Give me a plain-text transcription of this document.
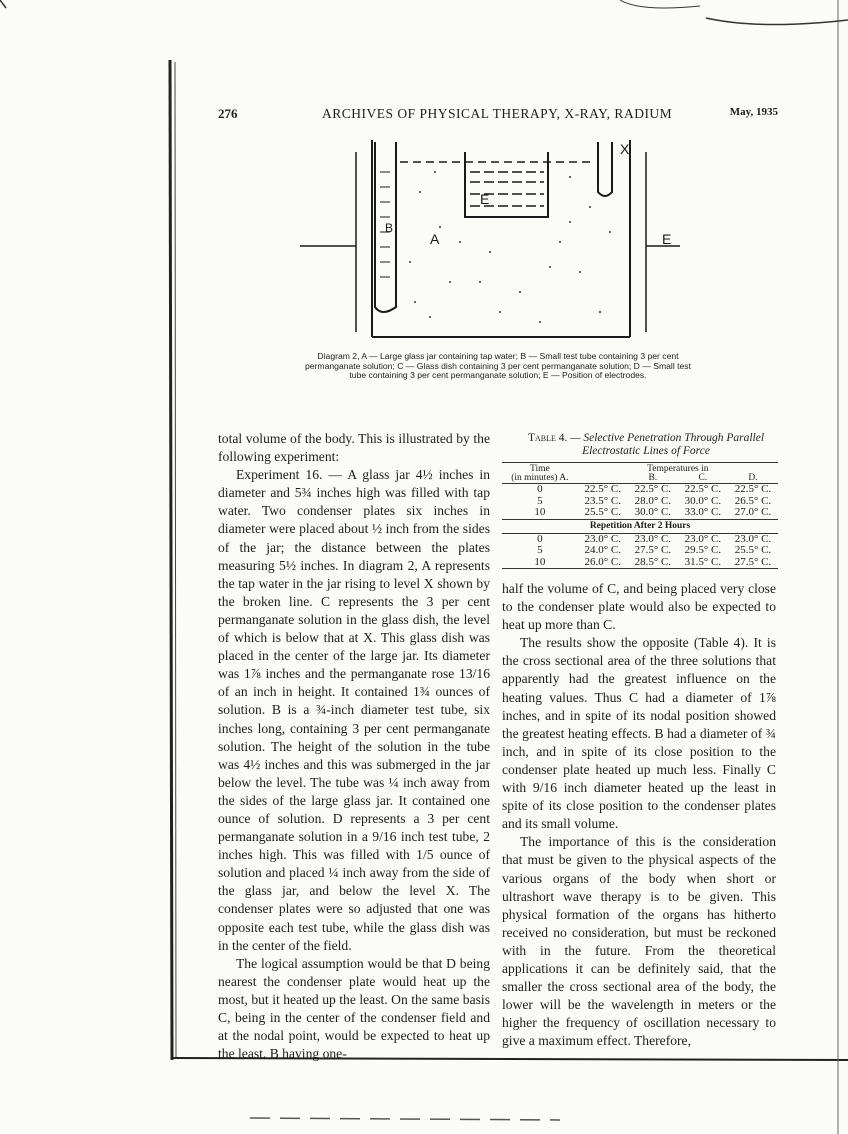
276	ARCHIVES OF PHYSICAL THERAPY, X-RAY, RADIUM	May, 1935
X
E
B
A	E
Diagram 2, A — Large glass jar containing tap water; B — Small test tube containing 3 per cent permanganate solution; C — Glass dish containing 3 per cent permanganate solution; D — Small test tube containing 3 per cent permanganate solution; E — Position of electrodes.

total volume of the body. This is illustrated by the following experiment:

Experiment 16. — A glass jar 4½ inches in diameter and 5¾ inches high was filled with tap water. Two condenser plates six inches in diameter were placed about ½ inch from the sides of the jar; the distance between the plates measuring 5½ inches. In diagram 2, A represents the tap water in the jar rising to level X shown by the broken line. C represents the 3 per cent permanganate solution in the glass dish, the level of which is below that at X. This glass dish was placed in the center of the large jar. Its diameter was 1⅞ inches and the permanganate rose 13/16 of an inch in height. It contained 1¾ ounces of solution. B is a ¾-inch diameter test tube, six inches long, containing 3 per cent permanganate solution. The height of the solution in the tube was 4½ inches and this was submerged in the jar below the level. The tube was ¼ inch away from the sides of the large glass jar. It contained one ounce of solution. D represents a 3 per cent permanganate solution in a 9/16 inch test tube, 2 inches high. This was filled with 1/5 ounce of solution and placed ¼ inch away from the side of the glass jar, and below the level X. The condenser plates were so adjusted that one was opposite each test tube, while the glass dish was in the center of the field.

The logical assumption would be that D being nearest the condenser plate would heat up the most, but it heated up the least. On the same basis C, being in the center of the condenser field and at the nodal point, would be expected to heat up the least. B having one-

Table 4. — Selective Penetration Through Parallel
Electrostatic Lines of Force
Time		Temperatures in		
(in minutes) A.		B.	C.	D.
0	22.5° C.	22.5° C.	22.5° C.	22.5° C.
5	23.5° C.	28.0° C.	30.0° C.	26.5° C.
10	25.5° C.	30.0° C.	33.0° C.	27.0° C.
Repetition After 2 Hours				
0	23.0° C.	23.0° C.	23.0° C.	23.0° C.
5	24.0° C.	27.5° C.	29.5° C.	25.5° C.
10	26.0° C.	28.5° C.	31.5° C.	27.5° C.

half the volume of C, and being placed very close to the condenser plate would also be expected to heat up more than C.

The results show the opposite (Table 4). It is the cross sectional area of the three solutions that apparently had the greatest influence on the heating values. Thus C had a diameter of 1⅞ inches, and in spite of its nodal position showed the greatest heating effects. B had a diameter of ¾ inch, and in spite of its close position to the condenser plate heated up much less. Finally C with 9/16 inch diameter heated up the least in spite of its close position to the condenser plates and its small volume.

The importance of this is the consideration that must be given to the physical aspects of the various organs of the body when short or ultrashort wave therapy is to be given. This physical formation of the organs has hitherto received no consideration, but must be reckoned with in the future. From the theoretical applications it can be definitely said, that the smaller the cross sectional area of the body, the lower will be the wavelength in meters or the higher the frequency of oscillation necessary to give a maximum effect. Therefore,
